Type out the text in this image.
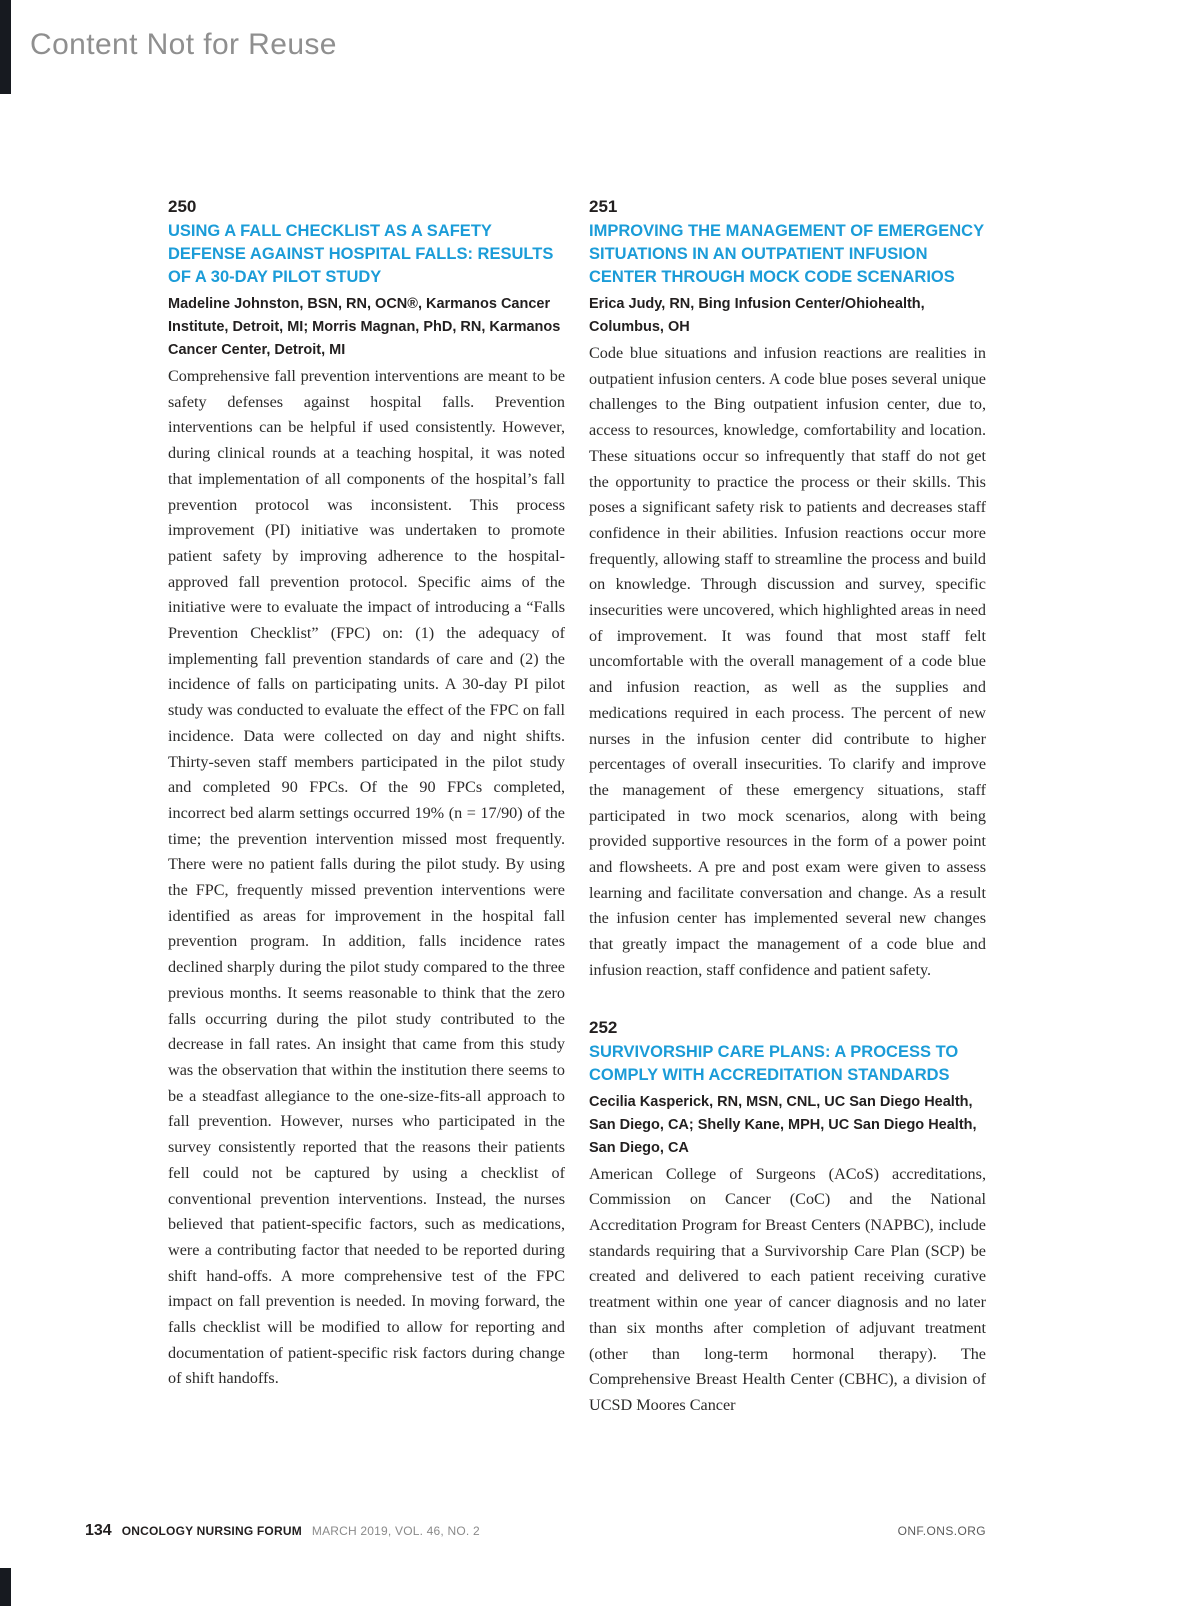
Content Not for Reuse
250
USING A FALL CHECKLIST AS A SAFETY DEFENSE AGAINST HOSPITAL FALLS: RESULTS OF A 30-DAY PILOT STUDY

Madeline Johnston, BSN, RN, OCN®, Karmanos Cancer Institute, Detroit, MI; Morris Magnan, PhD, RN, Karmanos Cancer Center, Detroit, MI

Comprehensive fall prevention interventions are meant to be safety defenses against hospital falls. Prevention interventions can be helpful if used consistently. However, during clinical rounds at a teaching hospital, it was noted that implementation of all components of the hospital’s fall prevention protocol was inconsistent. This process improvement (PI) initiative was undertaken to promote patient safety by improving adherence to the hospital-approved fall prevention protocol. Specific aims of the initiative were to evaluate the impact of introducing a “Falls Prevention Checklist” (FPC) on: (1) the adequacy of implementing fall prevention standards of care and (2) the incidence of falls on participating units. A 30-day PI pilot study was conducted to evaluate the effect of the FPC on fall incidence. Data were collected on day and night shifts. Thirty-seven staff members participated in the pilot study and completed 90 FPCs. Of the 90 FPCs completed, incorrect bed alarm settings occurred 19% (n = 17/90) of the time; the prevention intervention missed most frequently. There were no patient falls during the pilot study. By using the FPC, frequently missed prevention interventions were identified as areas for improvement in the hospital fall prevention program. In addition, falls incidence rates declined sharply during the pilot study compared to the three previous months. It seems reasonable to think that the zero falls occurring during the pilot study contributed to the decrease in fall rates. An insight that came from this study was the observation that within the institution there seems to be a steadfast allegiance to the one-size-fits-all approach to fall prevention. However, nurses who participated in the survey consistently reported that the reasons their patients fell could not be captured by using a checklist of conventional prevention interventions. Instead, the nurses believed that patient-specific factors, such as medications, were a contributing factor that needed to be reported during shift hand-offs. A more comprehensive test of the FPC impact on fall prevention is needed. In moving forward, the falls checklist will be modified to allow for reporting and documentation of patient-specific risk factors during change of shift handoffs.

251
IMPROVING THE MANAGEMENT OF EMERGENCY SITUATIONS IN AN OUTPATIENT INFUSION CENTER THROUGH MOCK CODE SCENARIOS

Erica Judy, RN, Bing Infusion Center/Ohiohealth, Columbus, OH

Code blue situations and infusion reactions are realities in outpatient infusion centers. A code blue poses several unique challenges to the Bing outpatient infusion center, due to, access to resources, knowledge, comfortability and location. These situations occur so infrequently that staff do not get the opportunity to practice the process or their skills. This poses a significant safety risk to patients and decreases staff confidence in their abilities. Infusion reactions occur more frequently, allowing staff to streamline the process and build on knowledge. Through discussion and survey, specific insecurities were uncovered, which highlighted areas in need of improvement. It was found that most staff felt uncomfortable with the overall management of a code blue and infusion reaction, as well as the supplies and medications required in each process. The percent of new nurses in the infusion center did contribute to higher percentages of overall insecurities. To clarify and improve the management of these emergency situations, staff participated in two mock scenarios, along with being provided supportive resources in the form of a power point and flowsheets. A pre and post exam were given to assess learning and facilitate conversation and change. As a result the infusion center has implemented several new changes that greatly impact the management of a code blue and infusion reaction, staff confidence and patient safety.

252
SURVIVORSHIP CARE PLANS: A PROCESS TO COMPLY WITH ACCREDITATION STANDARDS

Cecilia Kasperick, RN, MSN, CNL, UC San Diego Health, San Diego, CA; Shelly Kane, MPH, UC San Diego Health, San Diego, CA

American College of Surgeons (ACoS) accreditations, Commission on Cancer (CoC) and the National Accreditation Program for Breast Centers (NAPBC), include standards requiring that a Survivorship Care Plan (SCP) be created and delivered to each patient receiving curative treatment within one year of cancer diagnosis and no later than six months after completion of adjuvant treatment (other than long-term hormonal therapy). The Comprehensive Breast Health Center (CBHC), a division of UCSD Moores Cancer

134 ONCOLOGY NURSING FORUM MARCH 2019, VOL. 46, NO. 2	ONF.ONS.ORG
